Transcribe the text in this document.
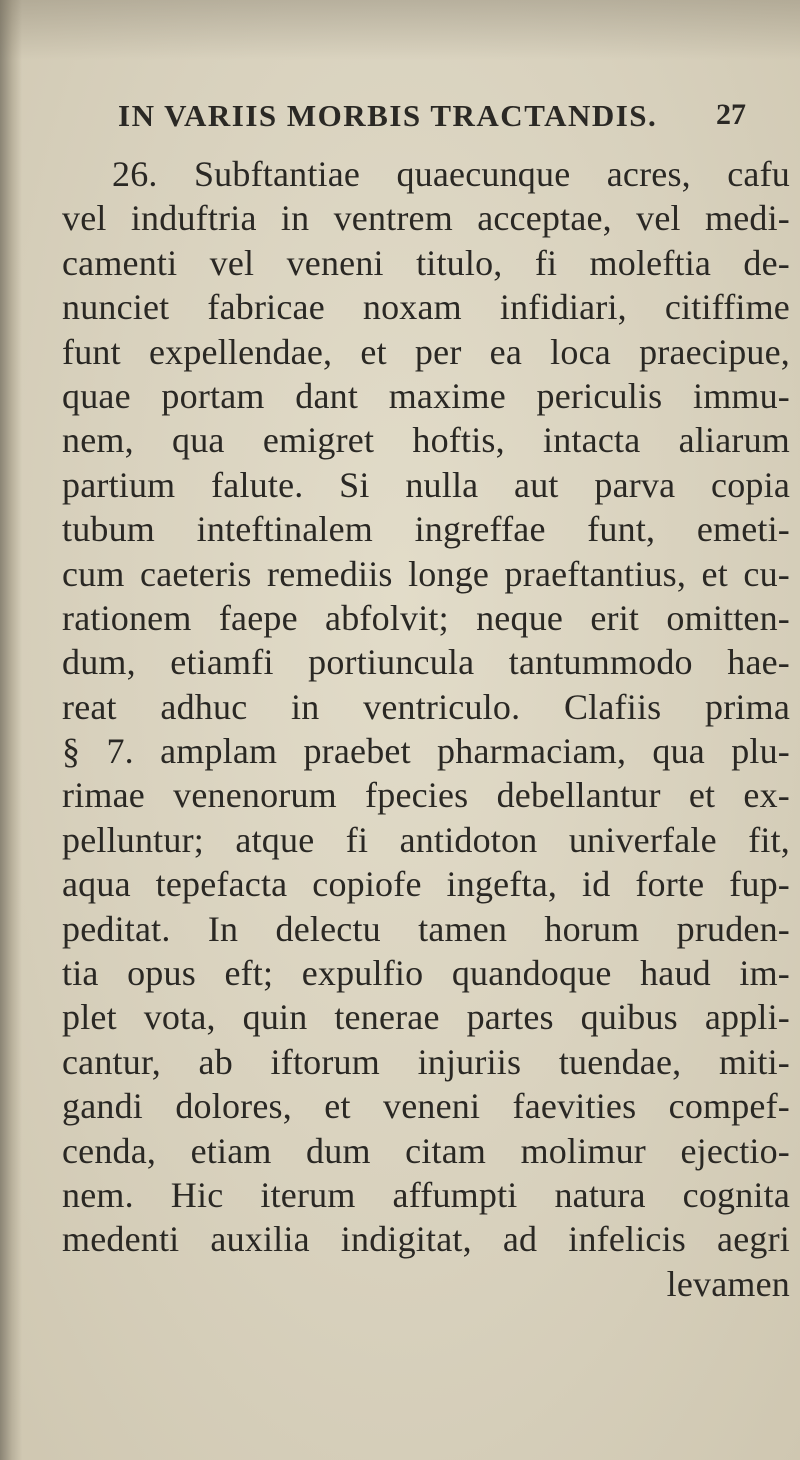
IN VARIIS MORBIS TRACTANDIS. 27
26. Subftantiae quaecunque acres, cafu
vel induftria in ventrem acceptae, vel medi-
camenti vel veneni titulo, fi moleftia de-
nunciet fabricae noxam infidiari, citiffime
funt expellendae, et per ea loca praecipue,
quae portam dant maxime periculis immu-
nem, qua emigret hoftis, intacta aliarum
partium falute. Si nulla aut parva copia
tubum inteftinalem ingreffae funt, emeti-
cum caeteris remediis longe praeftantius, et cu-
rationem faepe abfolvit; neque erit omitten-
dum, etiamfi portiuncula tantummodo hae-
reat adhuc in ventriculo. Clafiis prima
§ 7. amplam praebet pharmaciam, qua plu-
rimae venenorum fpecies debellantur et ex-
pelluntur; atque fi antidoton univerfale fit,
aqua tepefacta copiofe ingefta, id forte fup-
peditat. In delectu tamen horum pruden-
tia opus eft; expulfio quandoque haud im-
plet vota, quin tenerae partes quibus appli-
cantur, ab iftorum injuriis tuendae, miti-
gandi dolores, et veneni faevities compef-
cenda, etiam dum citam molimur ejectio-
nem. Hic iterum affumpti natura cognita
medenti auxilia indigitat, ad infelicis aegri
levamen
